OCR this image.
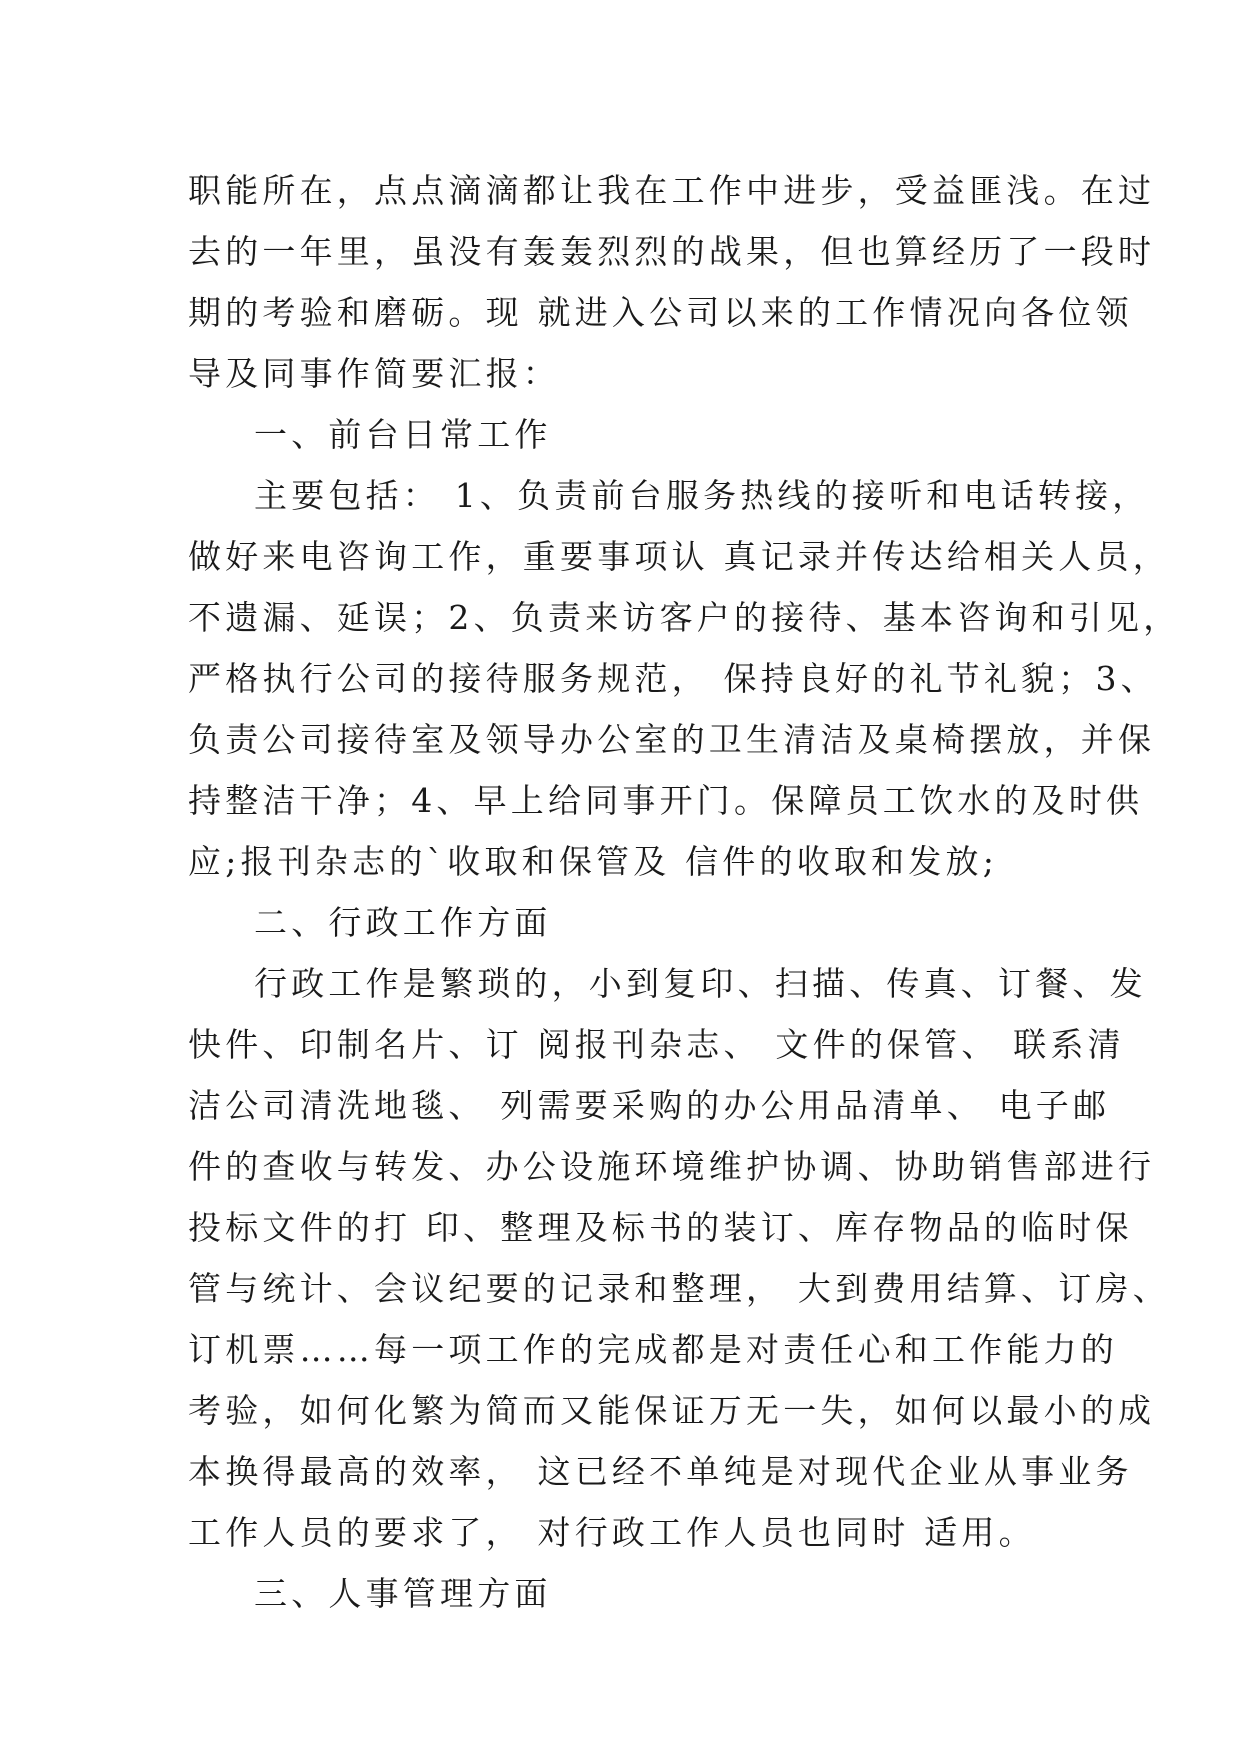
职能所在，点点滴滴都让我在工作中进步，受益匪浅。在过
去的一年里，虽没有轰轰烈烈的战果，但也算经历了一段时
期的考验和磨砺。现 就进入公司以来的工作情况向各位领
导及同事作简要汇报：

一、前台日常工作

主要包括： 1、负责前台服务热线的接听和电话转接，
做好来电咨询工作，重要事项认 真记录并传达给相关人员，
不遗漏、延误；2、负责来访客户的接待、基本咨询和引见，
严格执行公司的接待服务规范， 保持良好的礼节礼貌；3、
负责公司接待室及领导办公室的卫生清洁及桌椅摆放，并保
持整洁干净；4、早上给同事开门。保障员工饮水的及时供
应;报刊杂志的`收取和保管及 信件的收取和发放;

二、行政工作方面

行政工作是繁琐的，小到复印、扫描、传真、订餐、发
快件、印制名片、订 阅报刊杂志、 文件的保管、 联系清
洁公司清洗地毯、 列需要采购的办公用品清单、 电子邮
件的查收与转发、办公设施环境维护协调、协助销售部进行
投标文件的打 印、整理及标书的装订、库存物品的临时保
管与统计、会议纪要的记录和整理， 大到费用结算、订房、
订机票……每一项工作的完成都是对责任心和工作能力的
考验，如何化繁为简而又能保证万无一失，如何以最小的成
本换得最高的效率， 这已经不单纯是对现代企业从事业务
工作人员的要求了， 对行政工作人员也同时 适用。

三、人事管理方面
